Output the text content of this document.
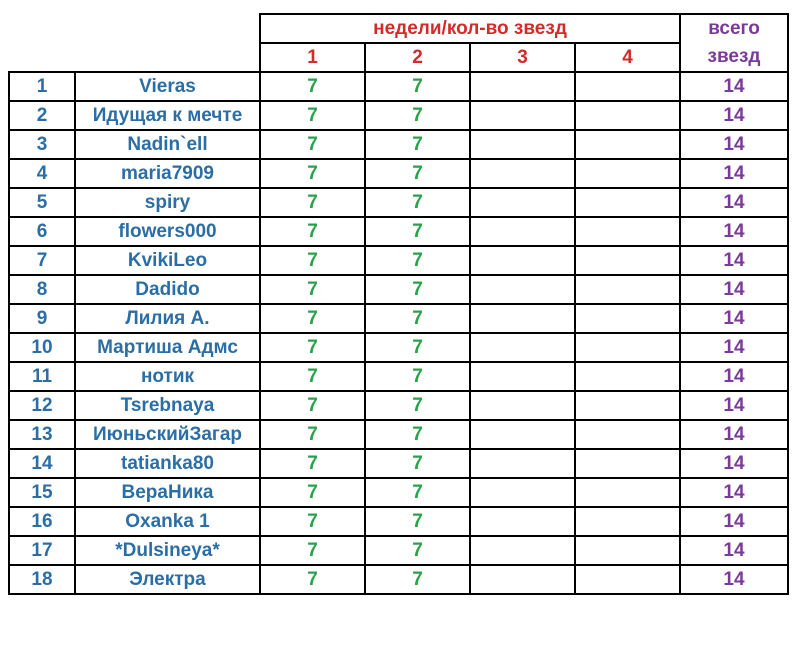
		недели/кол-во звезд				всего
звезд

		1	2	3	4	
1	Vieras	7	7			14
2	Идущая к мечте	7	7			14
3	Nadin`ell	7	7			14
4	maria7909	7	7			14
5	spiry	7	7			14
6	flowers000	7	7			14
7	KvikiLeo	7	7			14
8	Dadido	7	7			14
9	Лилия А.	7	7			14
10	Мартиша Адмс	7	7			14
11	нотик	7	7			14
12	Tsrebnaya	7	7			14
13	ИюньскийЗагар	7	7			14
14	tatianka80	7	7			14
15	ВераНика	7	7			14
16	Oxanka 1	7	7			14
17	*Dulsineya*	7	7			14
18	Электра	7	7			14
